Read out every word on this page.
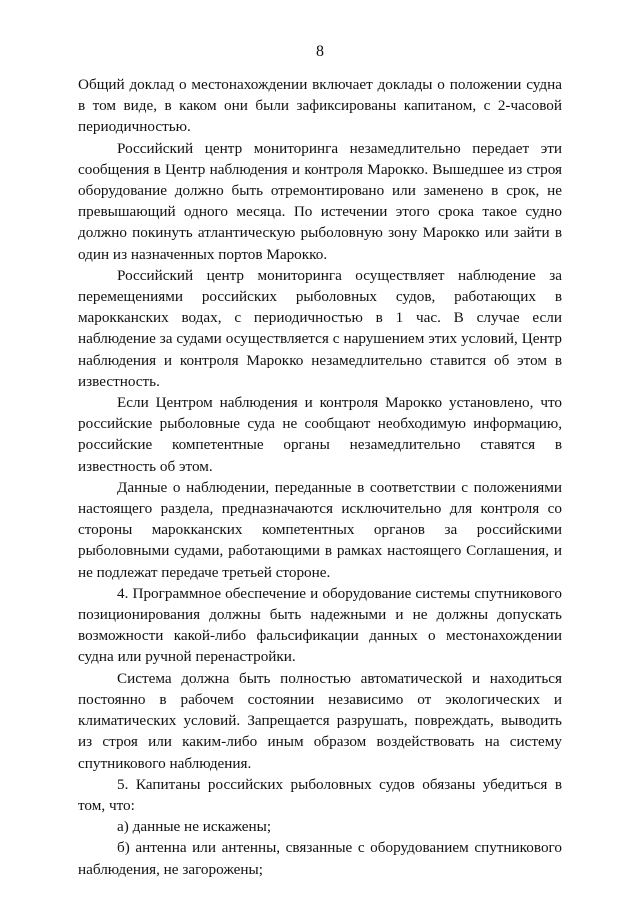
8

Общий доклад о местонахождении включает доклады о положении судна в том виде, в каком они были зафиксированы капитаном, с 2-часовой периодичностью.

Российский центр мониторинга незамедлительно передает эти сообщения в Центр наблюдения и контроля Марокко. Вышедшее из строя оборудование должно быть отремонтировано или заменено в срок, не превышающий одного месяца. По истечении этого срока такое судно должно покинуть атлантическую рыболовную зону Марокко или зайти в один из назначенных портов Марокко.

Российский центр мониторинга осуществляет наблюдение за перемещениями российских рыболовных судов, работающих в марокканских водах, с периодичностью в 1 час. В случае если наблюдение за судами осуществляется с нарушением этих условий, Центр наблюдения и контроля Марокко незамедлительно ставится об этом в известность.

Если Центром наблюдения и контроля Марокко установлено, что российские рыболовные суда не сообщают необходимую информацию, российские компетентные органы незамедлительно ставятся в известность об этом.

Данные о наблюдении, переданные в соответствии с положениями настоящего раздела, предназначаются исключительно для контроля со стороны марокканских компетентных органов за российскими рыболовными судами, работающими в рамках настоящего Соглашения, и не подлежат передаче третьей стороне.

4. Программное обеспечение и оборудование системы спутникового позиционирования должны быть надежными и не должны допускать возможности какой-либо фальсификации данных о местонахождении судна или ручной перенастройки.

Система должна быть полностью автоматической и находиться постоянно в рабочем состоянии независимо от экологических и климатических условий. Запрещается разрушать, повреждать, выводить из строя или каким-либо иным образом воздействовать на систему спутникового наблюдения.

5. Капитаны российских рыболовных судов обязаны убедиться в том, что:

а) данные не искажены;

б) антенна или антенны, связанные с оборудованием спутникового наблюдения, не загорожены;
